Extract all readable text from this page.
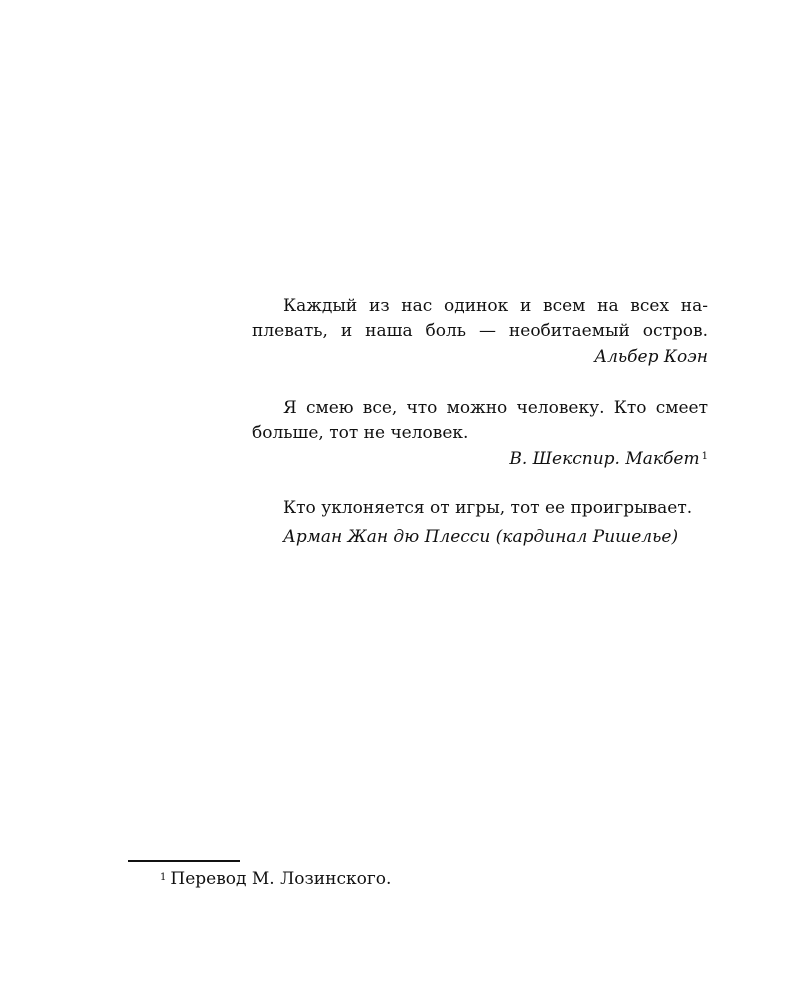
Каждый из нас одинок и всем на всех на-
плевать, и наша боль — необитаемый остров.
Альбер Коэн
Я смею все, что можно человеку. Кто смеет
больше, тот не человек.
В. Шекспир. Макбет $^1$
Кто уклоняется от игры, тот ее проигрывает.
Арман Жан дю Плесси (кардинал Ришелье)
$^1$ Перевод М. Лозинского.
